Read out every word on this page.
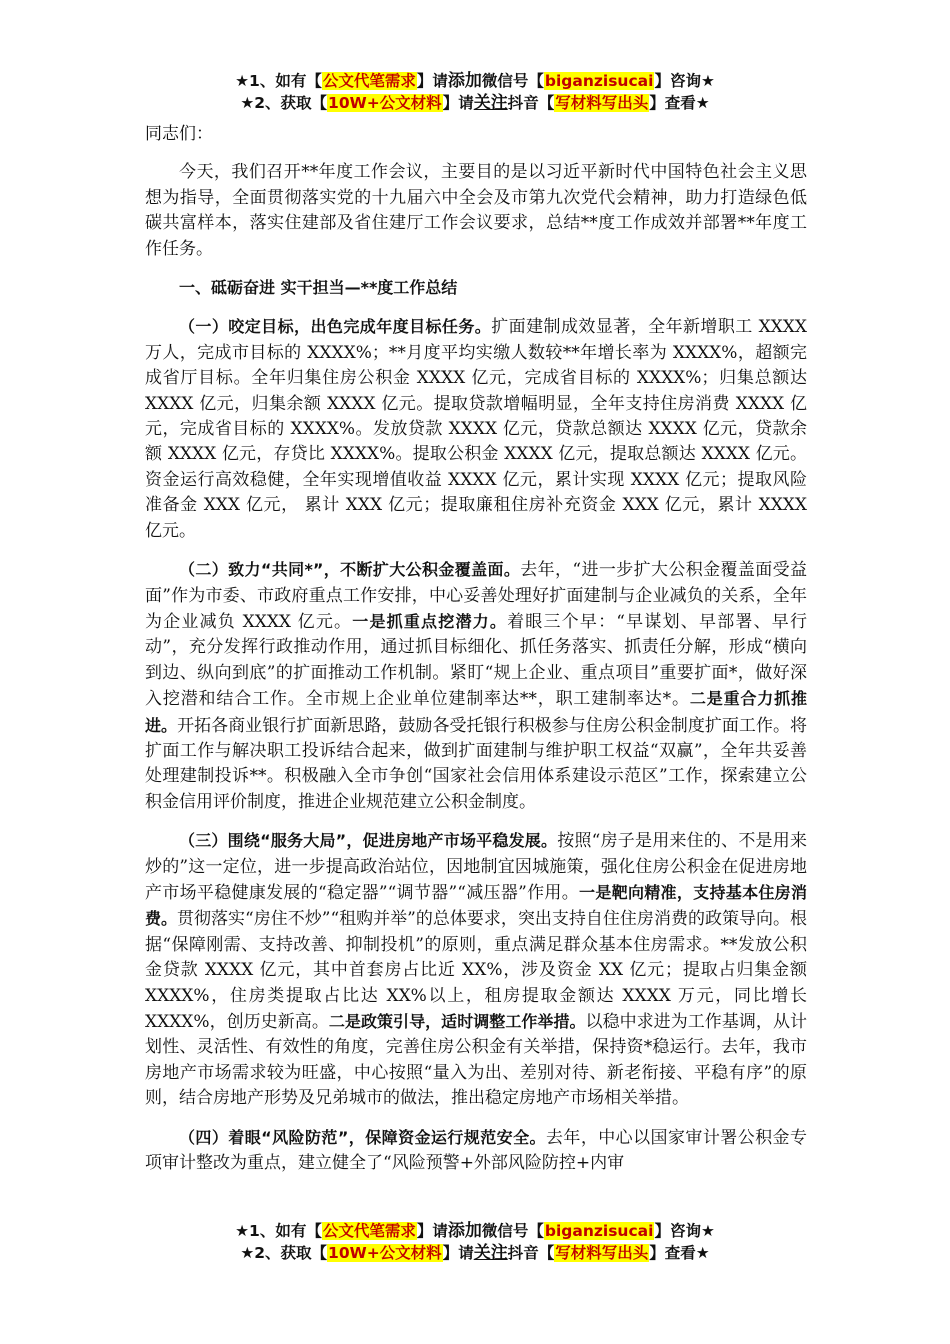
★1、如有【公文代笔需求】请添加微信号【biganzisucai】咨询★
★2、获取【10W+公文材料】请关注抖音【写材料写出头】查看★

同志们：

今天，我们召开**年度工作会议，主要目的是以习近平新时代中国特色社会主义思想为指导，全面贯彻落实党的十九届六中全会及市第九次党代会精神，助力打造绿色低碳共富样本，落实住建部及省住建厅工作会议要求，总结**度工作成效并部署**年度工作任务。

一、砥砺奋进 实干担当—**度工作总结

（一）咬定目标，出色完成年度目标任务。扩面建制成效显著，全年新增职工 XXXX 万人，完成市目标的 XXXX%；**月度平均实缴人数较**年增长率为 XXXX%，超额完成省厅目标。全年归集住房公积金 XXXX 亿元，完成省目标的 XXXX%；归集总额达 XXXX 亿元，归集余额 XXXX 亿元。提取贷款增幅明显，全年支持住房消费 XXXX 亿元，完成省目标的 XXXX%。发放贷款 XXXX 亿元，贷款总额达 XXXX 亿元，贷款余额 XXXX 亿元，存贷比 XXXX%。提取公积金 XXXX 亿元，提取总额达 XXXX 亿元。资金运行高效稳健，全年实现增值收益 XXXX 亿元，累计实现 XXXX 亿元；提取风险准备金 XXX 亿元， 累计 XXX 亿元；提取廉租住房补充资金 XXX 亿元，累计 XXXX 亿元。

（二）致力“共同*”，不断扩大公积金覆盖面。去年，“进一步扩大公积金覆盖面受益面”作为市委、市政府重点工作安排，中心妥善处理好扩面建制与企业减负的关系，全年为企业减负 XXXX 亿元。一是抓重点挖潜力。着眼三个早：“早谋划、早部署、早行动”，充分发挥行政推动作用，通过抓目标细化、抓任务落实、抓责任分解，形成“横向到边、纵向到底”的扩面推动工作机制。紧盯“规上企业、重点项目”重要扩面*，做好深入挖潜和结合工作。全市规上企业单位建制率达**，职工建制率达*。二是重合力抓推进。开拓各商业银行扩面新思路，鼓励各受托银行积极参与住房公积金制度扩面工作。将扩面工作与解决职工投诉结合起来，做到扩面建制与维护职工权益“双赢”，全年共妥善处理建制投诉**。积极融入全市争创“国家社会信用体系建设示范区”工作，探索建立公积金信用评价制度，推进企业规范建立公积金制度。

（三）围绕“服务大局”，促进房地产市场平稳发展。按照“房子是用来住的、不是用来炒的”这一定位，进一步提高政治站位，因地制宜因城施策，强化住房公积金在促进房地产市场平稳健康发展的“稳定器”“调节器”“减压器”作用。一是靶向精准，支持基本住房消费。贯彻落实“房住不炒”“租购并举”的总体要求，突出支持自住住房消费的政策导向。根据“保障刚需、支持改善、抑制投机”的原则，重点满足群众基本住房需求。**发放公积金贷款 XXXX 亿元，其中首套房占比近 XX%，涉及资金 XX 亿元；提取占归集金额 XXXX%，住房类提取占比达 XX%以上，租房提取金额达 XXXX 万元，同比增长 XXXX%，创历史新高。二是政策引导，适时调整工作举措。以稳中求进为工作基调，从计划性、灵活性、有效性的角度，完善住房公积金有关举措，保持资*稳运行。去年，我市房地产市场需求较为旺盛，中心按照“量入为出、差别对待、新老衔接、平稳有序”的原则，结合房地产形势及兄弟城市的做法，推出稳定房地产市场相关举措。

（四）着眼“风险防范”，保障资金运行规范安全。去年，中心以国家审计署公积金专项审计整改为重点，建立健全了“风险预警+外部风险防控+内审

★1、如有【公文代笔需求】请添加微信号【biganzisucai】咨询★
★2、获取【10W+公文材料】请关注抖音【写材料写出头】查看★
